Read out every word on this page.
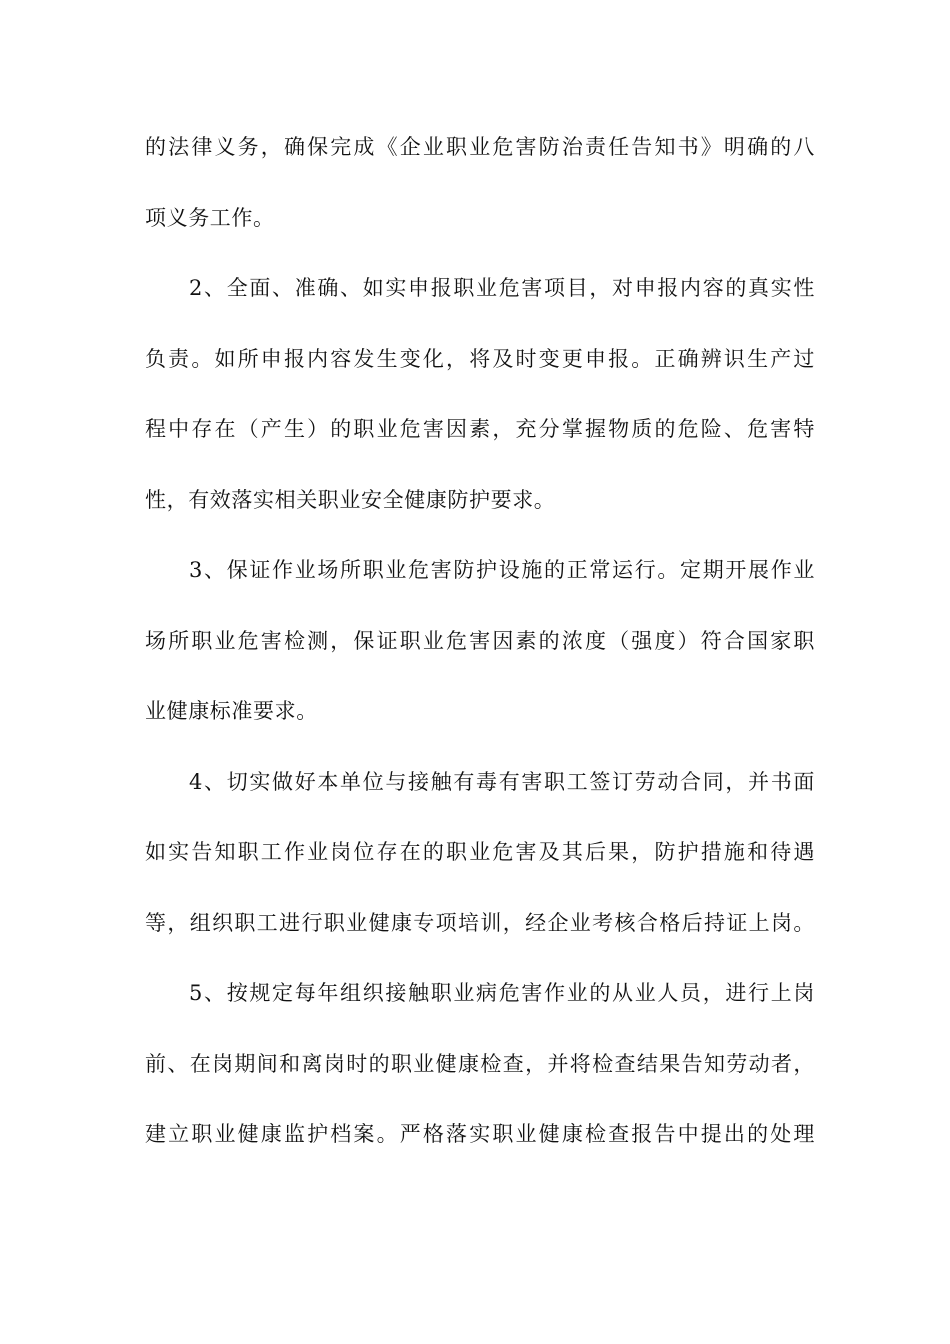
的法律义务，确保完成《企业职业危害防治责任告知书》明确的八
项义务工作。
2、全面、准确、如实申报职业危害项目，对申报内容的真实性
负责。如所申报内容发生变化，将及时变更申报。正确辨识生产过
程中存在（产生）的职业危害因素，充分掌握物质的危险、危害特
性，有效落实相关职业安全健康防护要求。
3、保证作业场所职业危害防护设施的正常运行。定期开展作业
场所职业危害检测，保证职业危害因素的浓度（强度）符合国家职
业健康标准要求。
4、切实做好本单位与接触有毒有害职工签订劳动合同，并书面
如实告知职工作业岗位存在的职业危害及其后果，防护措施和待遇
等，组织职工进行职业健康专项培训，经企业考核合格后持证上岗。
5、按规定每年组织接触职业病危害作业的从业人员，进行上岗
前、在岗期间和离岗时的职业健康检查，并将检查结果告知劳动者，
建立职业健康监护档案。严格落实职业健康检查报告中提出的处理
